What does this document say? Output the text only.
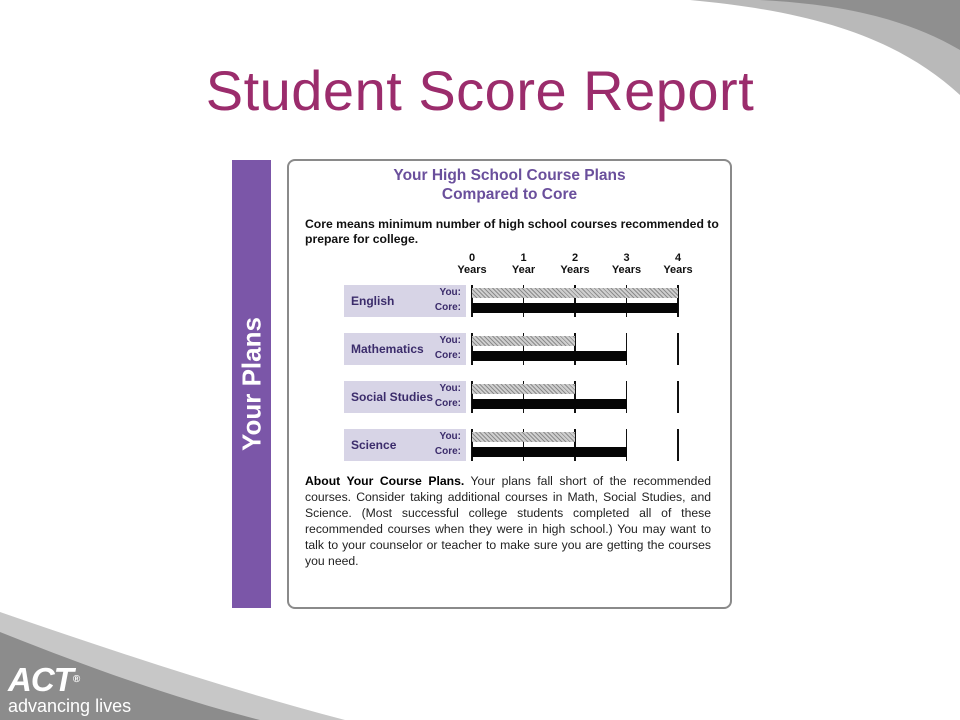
Student Score Report
Your Plans
Your High School Course Plans
Compared to Core
Core means minimum number of high school courses recommended to prepare for college.
0
Years
1
Year
2
Years
3
Years
4
Years
English
You:
Core:
Mathematics
You:
Core:
Social Studies
You:
Core:
Science
You:
Core:
About Your Course Plans. Your plans fall short of the recommended courses. Consider taking additional courses in Math, Social Studies, and Science. (Most successful college students completed all of these recommended courses when they were in high school.) You may want to talk to your counselor or teacher to make sure you are getting the courses you need.
ACT®
advancing lives
